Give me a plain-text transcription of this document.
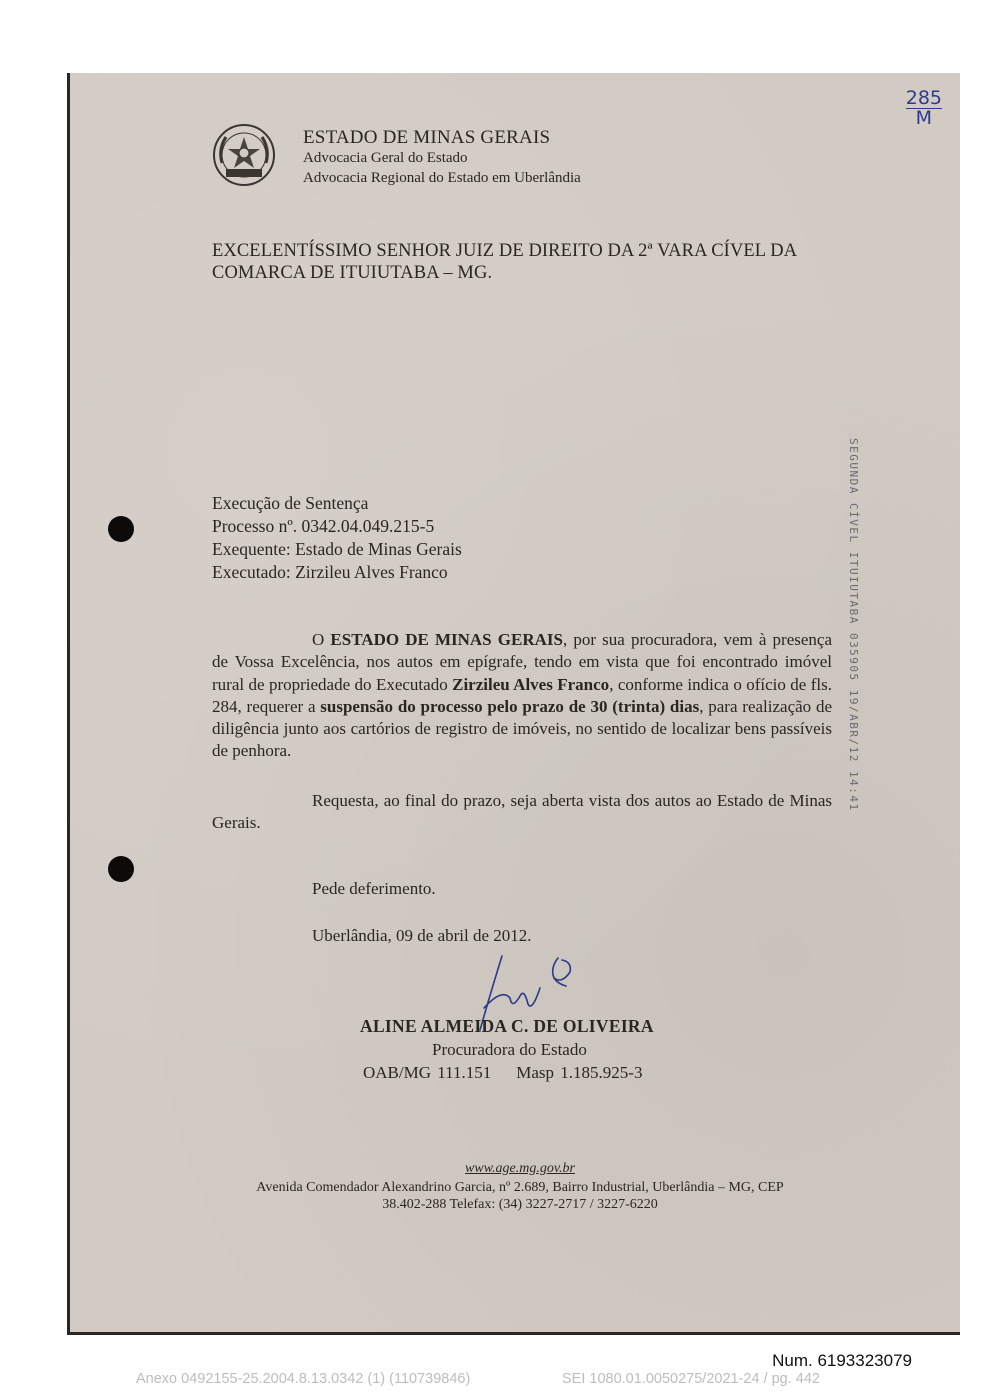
ESTADO DE MINAS GERAIS
Advocacia Geral do Estado
Advocacia Regional do Estado em Uberlândia
285
M
EXCELENTÍSSIMO SENHOR JUIZ DE DIREITO DA 2ª VARA CÍVEL DA COMARCA DE ITUIUTABA – MG.
Execução de Sentença
Processo nº. 0342.04.049.215-5
Exequente: Estado de Minas Gerais
Executado: Zirzileu Alves Franco
O ESTADO DE MINAS GERAIS, por sua procuradora, vem à presença de Vossa Excelência, nos autos em epígrafe, tendo em vista que foi encontrado imóvel rural de propriedade do Executado Zirzileu Alves Franco, conforme indica o ofício de fls. 284, requerer a suspensão do processo pelo prazo de 30 (trinta) dias, para realização de diligência junto aos cartórios de registro de imóveis, no sentido de localizar bens passíveis de penhora.
Requesta, ao final do prazo, seja aberta vista dos autos ao Estado de Minas Gerais.
Pede deferimento.
Uberlândia, 09 de abril de 2012.
ALINE ALMEIDA C. DE OLIVEIRA
Procuradora do Estado
OAB/MG 111.151 Masp 1.185.925-3
www.age.mg.gov.br
Avenida Comendador Alexandrino Garcia, nº 2.689, Bairro Industrial, Uberlândia – MG, CEP
38.402-288 Telefax: (34) 3227-2717 / 3227-6220
SEGUNDA CÍVEL ITUIUTABA 035905 19/ABR/12 14:41
Num. 6193323079
Anexo 0492155-25.2004.8.13.0342 (1) (110739846)	SEI 1080.01.0050275/2021-24 / pg. 442
